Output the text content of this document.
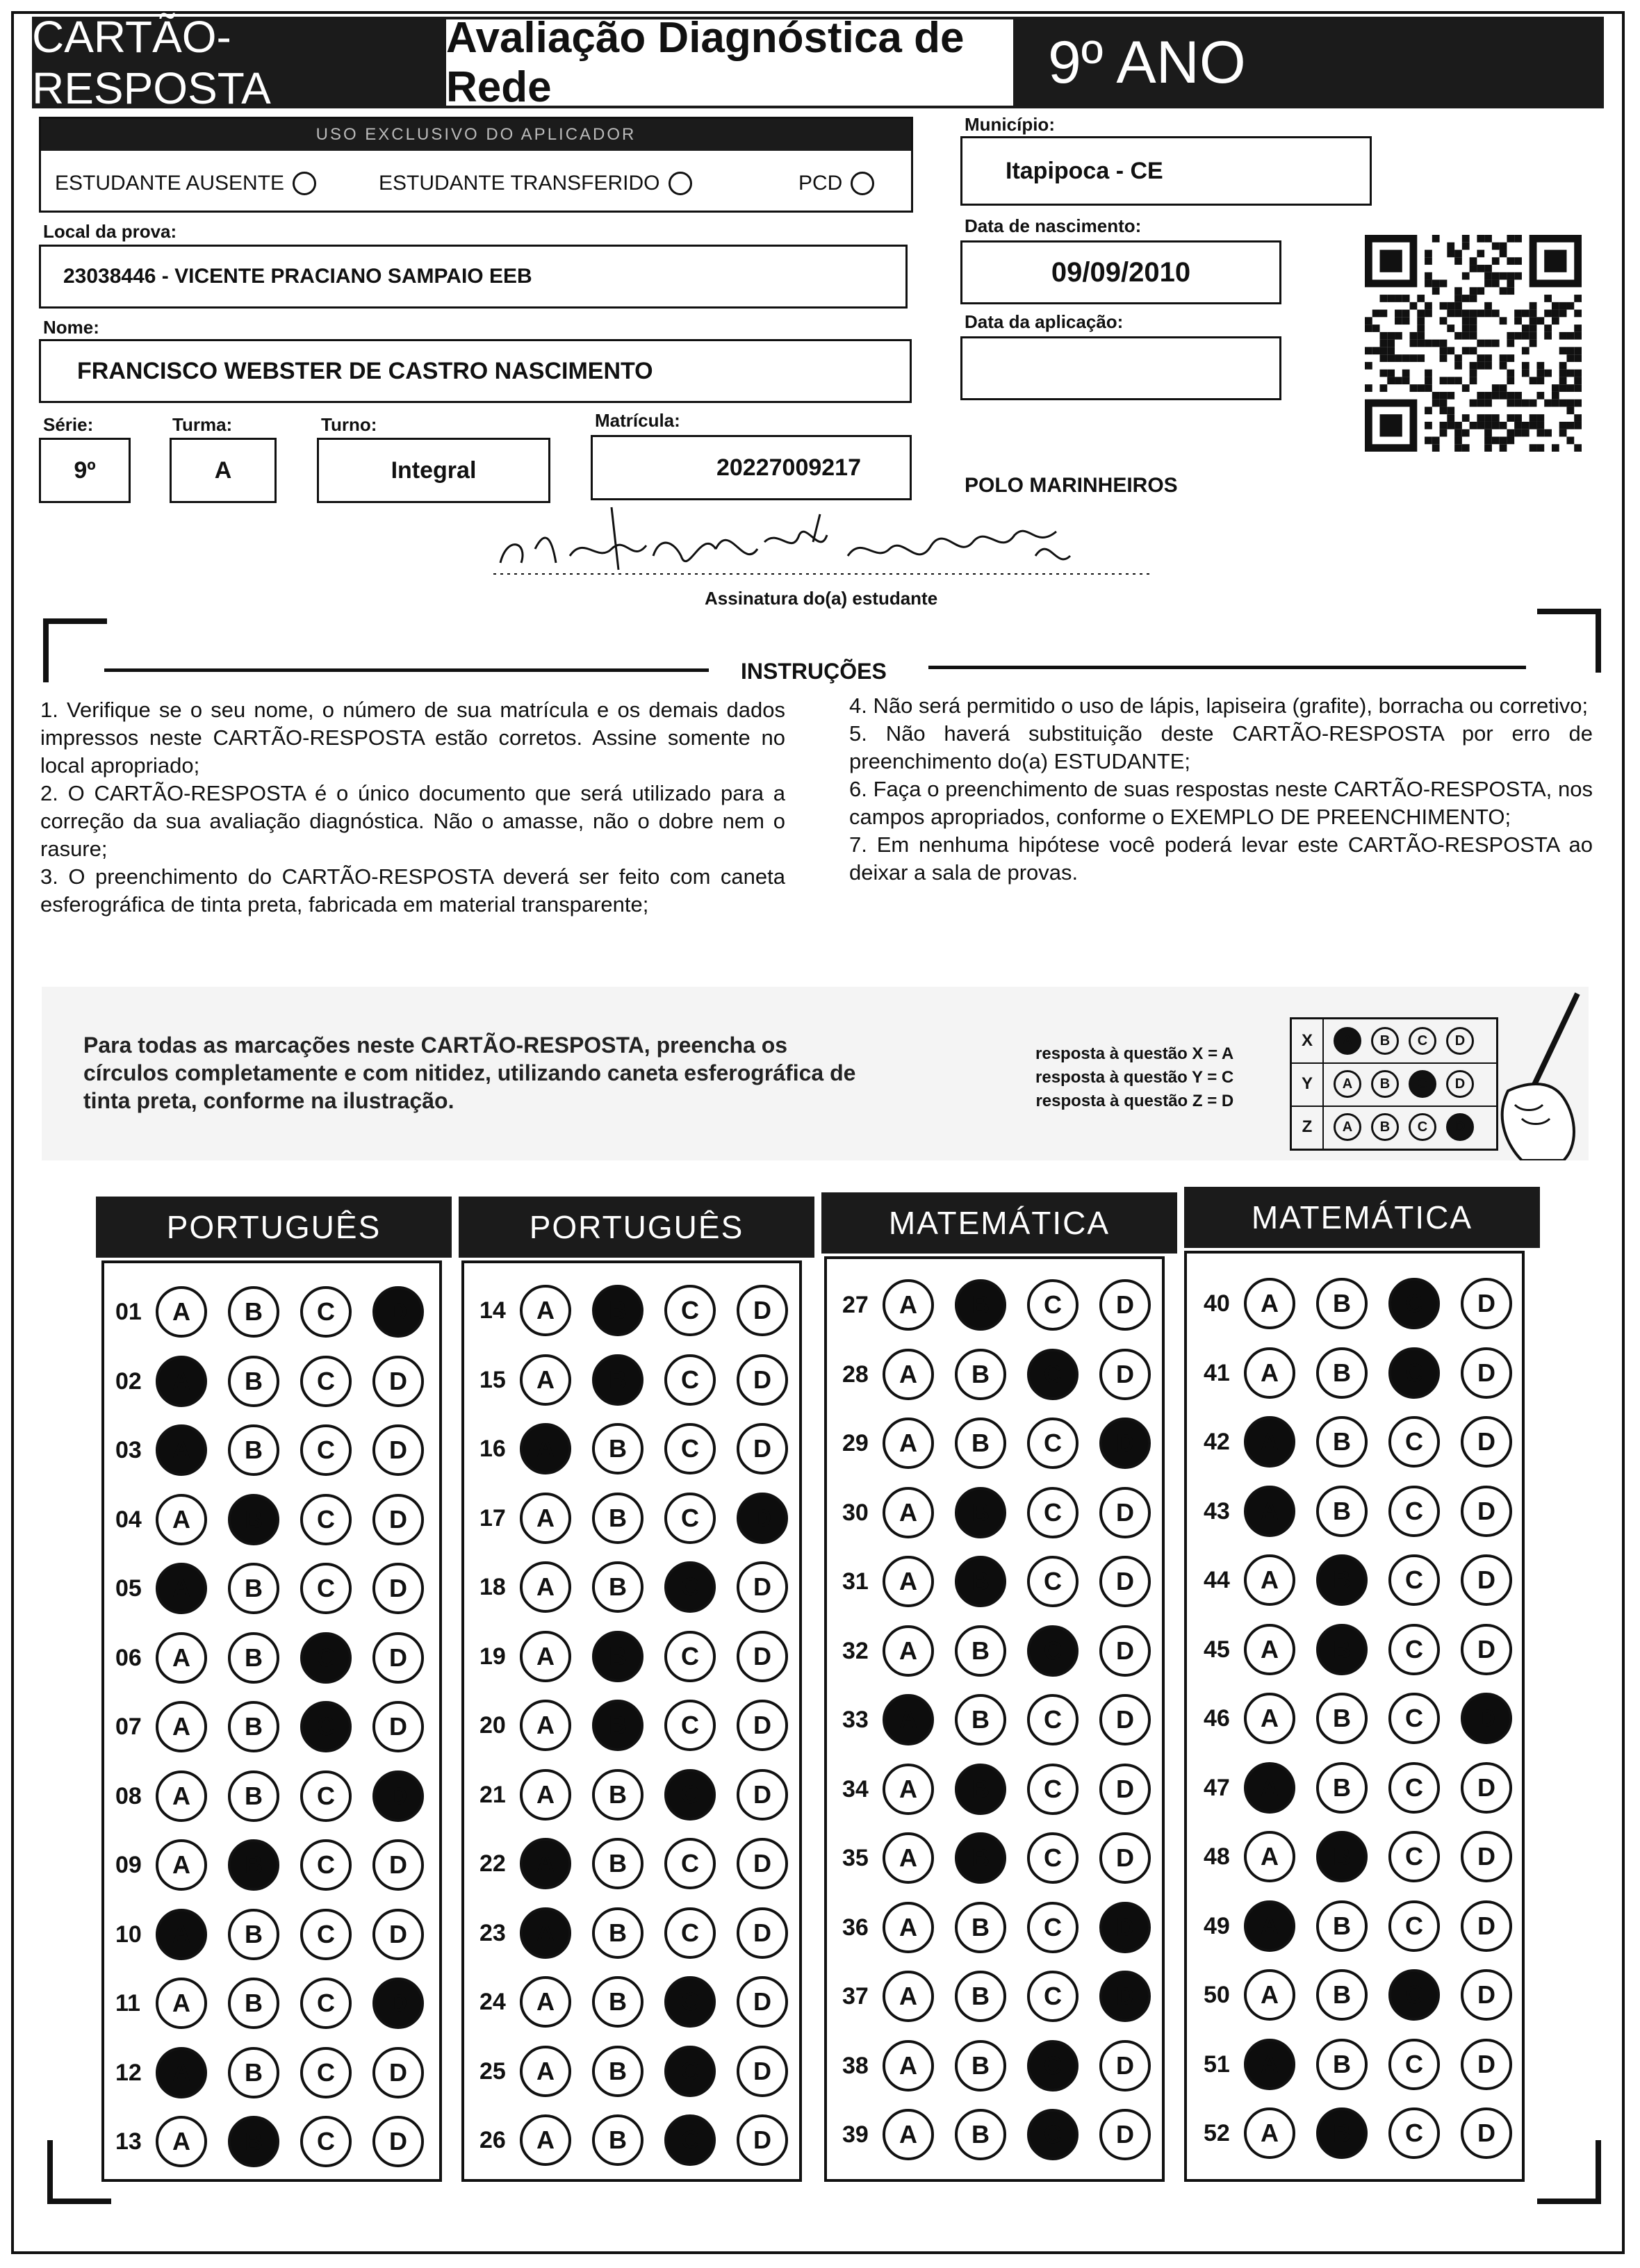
CARTÃO-RESPOSTA
Avaliação Diagnóstica de Rede	9º ANO
USO EXCLUSIVO DO APLICADOR
ESTUDANTE AUSENTE	ESTUDANTE TRANSFERIDO	PCD
Local da prova:
23038446 - VICENTE PRACIANO SAMPAIO EEB
Nome:
FRANCISCO WEBSTER DE CASTRO NASCIMENTO
Série:
9º
Turma:
A
Turno:
Integral
Matrícula:
20227009217
Município:
Itapipoca - CE
Data de nascimento:
09/09/2010
Data da aplicação:
POLO MARINHEIROS
Assinatura do(a) estudante
INSTRUÇÕES
1. Verifique se o seu nome, o número de sua matrícula e os demais dados impressos neste CARTÃO-RESPOSTA estão corretos. Assine somente no local apropriado;
2. O CARTÃO-RESPOSTA é o único documento que será utilizado para a correção da sua avaliação diagnóstica. Não o amasse, não o dobre nem o rasure;
3. O preenchimento do CARTÃO-RESPOSTA deverá ser feito com caneta esferográfica de tinta preta, fabricada em material transparente;
4. Não será permitido o uso de lápis, lapiseira (grafite), borracha ou corretivo;
5. Não haverá substituição deste CARTÃO-RESPOSTA por erro de preenchimento do(a) ESTUDANTE;
6. Faça o preenchimento de suas respostas neste CARTÃO-RESPOSTA, nos campos apropriados, conforme o EXEMPLO DE PREENCHIMENTO;
7. Em nenhuma hipótese você poderá levar este CARTÃO-RESPOSTA ao deixar a sala de provas.
Para todas as marcações neste CARTÃO-RESPOSTA, preencha os círculos completamente e com nitidez, utilizando caneta esferográfica de tinta preta, conforme na ilustração.
resposta à questão X = A
resposta à questão Y = C
resposta à questão Z = D
X	A	B	C	D
Y	A	B	C	D
Z	A	B	C	D
PORTUGUÊS
01	A	B	C	D
02	A	B	C	D
03	A	B	C	D
04	A	B	C	D
05	A	B	C	D
06	A	B	C	D
07	A	B	C	D
08	A	B	C	D
09	A	B	C	D
10	A	B	C	D
11	A	B	C	D
12	A	B	C	D
13	A	B	C	D
PORTUGUÊS
14	A	B	C	D
15	A	B	C	D
16	A	B	C	D
17	A	B	C	D
18	A	B	C	D
19	A	B	C	D
20	A	B	C	D
21	A	B	C	D
22	A	B	C	D
23	A	B	C	D
24	A	B	C	D
25	A	B	C	D
26	A	B	C	D
MATEMÁTICA
27	A	B	C	D
28	A	B	C	D
29	A	B	C	D
30	A	B	C	D
31	A	B	C	D
32	A	B	C	D
33	A	B	C	D
34	A	B	C	D
35	A	B	C	D
36	A	B	C	D
37	A	B	C	D
38	A	B	C	D
39	A	B	C	D
MATEMÁTICA
40	A	B	C	D
41	A	B	C	D
42	A	B	C	D
43	A	B	C	D
44	A	B	C	D
45	A	B	C	D
46	A	B	C	D
47	A	B	C	D
48	A	B	C	D
49	A	B	C	D
50	A	B	C	D
51	A	B	C	D
52	A	B	C	D
